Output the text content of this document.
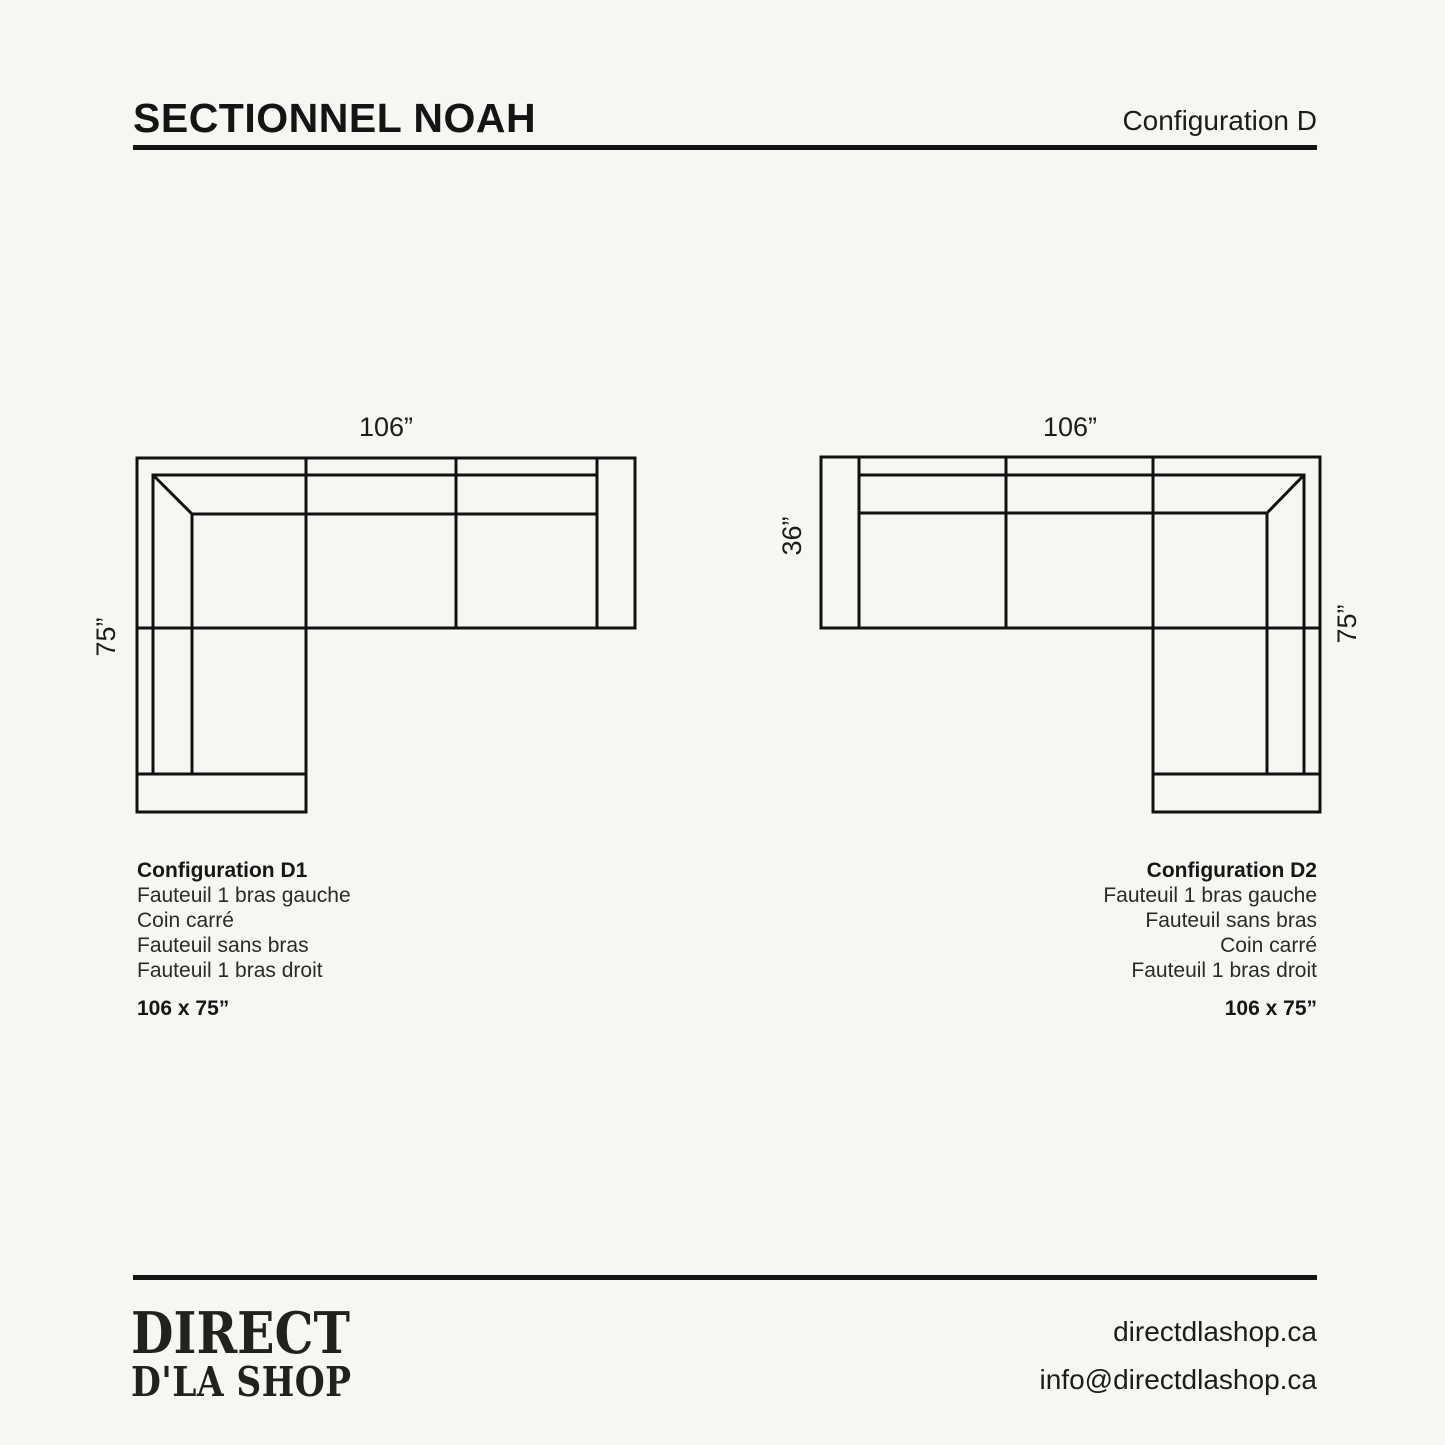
SECTIONNEL NOAH	Configuration D
106”
75”
106”
36”
75”
Configuration D1
Fauteuil 1 bras gauche
Coin carré
Fauteuil sans bras
Fauteuil 1 bras droit
106 x 75”
Configuration D2
Fauteuil 1 bras gauche
Fauteuil sans bras
Coin carré
Fauteuil 1 bras droit
106 x 75”
DIRECT
D'LA SHOP
directdlashop.ca
info@directdlashop.ca
